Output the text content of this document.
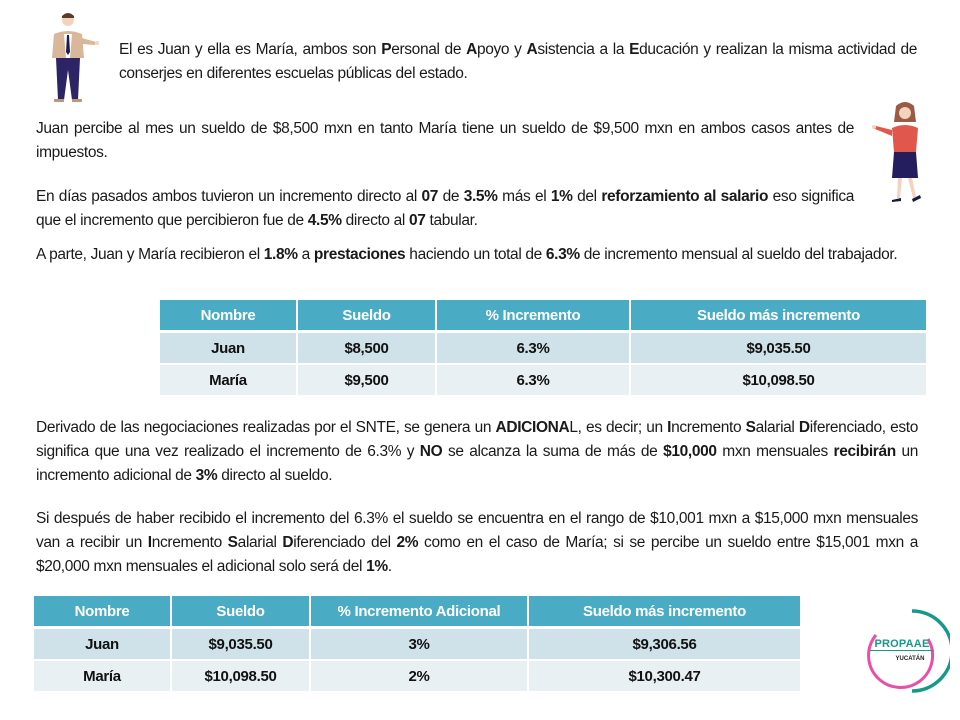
El es Juan y ella es María, ambos son Personal de Apoyo y Asistencia a la Educación y realizan la misma actividad de conserjes en diferentes escuelas públicas del estado.
Juan percibe al mes un sueldo de $8,500 mxn en tanto María tiene un sueldo de $9,500 mxn en ambos casos antes de impuestos.
En días pasados ambos tuvieron un incremento directo al 07 de 3.5% más el 1% del reforzamiento al salario eso significa que el incremento que percibieron fue de 4.5% directo al 07 tabular.
A parte, Juan y María recibieron el 1.8% a prestaciones haciendo un total de 6.3% de incremento mensual al sueldo del trabajador.
Nombre	Sueldo	% Incremento	Sueldo más incremento
Juan	$8,500	6.3%	$9,035.50
María	$9,500	6.3%	$10,098.50
Derivado de las negociaciones realizadas por el SNTE, se genera un ADICIONAL, es decir; un Incremento Salarial Diferenciado, esto significa que una vez realizado el incremento de 6.3% y NO se alcanza la suma de más de $10,000 mxn mensuales recibirán un incremento adicional de 3% directo al sueldo.
Si después de haber recibido el incremento del 6.3% el sueldo se encuentra en el rango de $10,001 mxn a $15,000 mxn mensuales van a recibir un Incremento Salarial Diferenciado del 2% como en el caso de María; si se percibe un sueldo entre $15,001 mxn a $20,000 mxn mensuales el adicional solo será del 1%.
Nombre	Sueldo	% Incremento Adicional	Sueldo más incremento
Juan	$9,035.50	3%	$9,306.56
María	$10,098.50	2%	$10,300.47
PROPAAE
YUCATÁN
